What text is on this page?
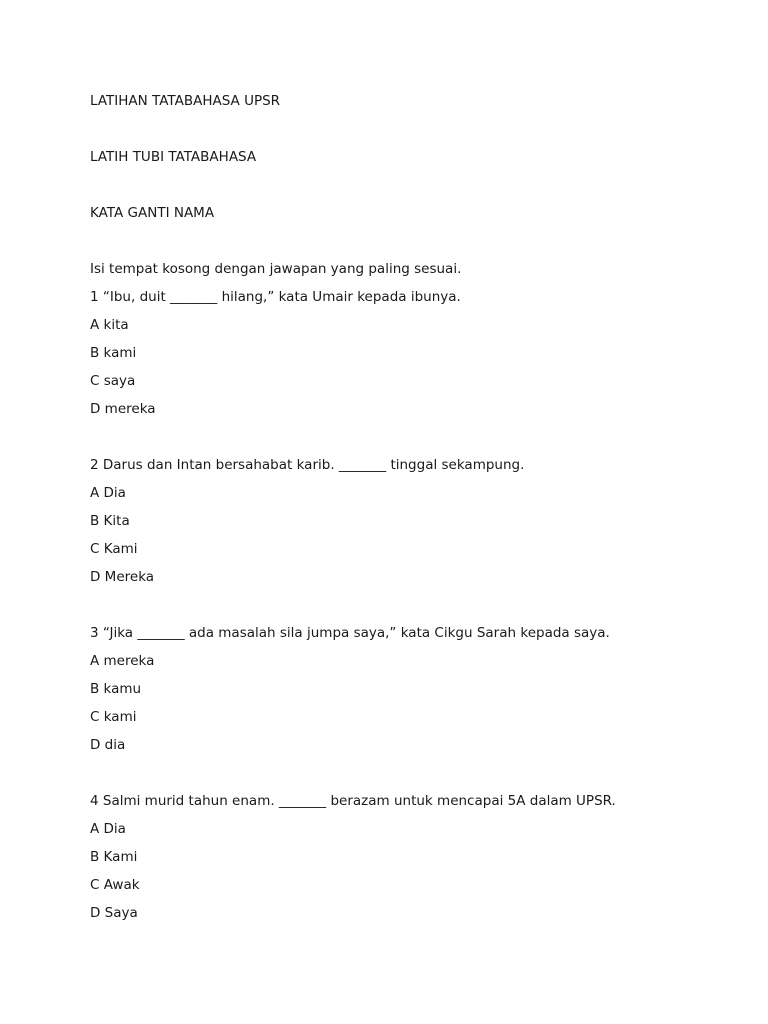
LATIHAN TATABAHASA UPSR
LATIH TUBI TATABAHASA
KATA GANTI NAMA
Isi tempat kosong dengan jawapan yang paling sesuai.
1 “Ibu, duit _______ hilang,” kata Umair kepada ibunya.
A kita
B kami
C saya
D mereka
2 Darus dan Intan bersahabat karib. _______ tinggal sekampung.
A Dia
B Kita
C Kami
D Mereka
3 “Jika _______ ada masalah sila jumpa saya,” kata Cikgu Sarah kepada saya.
A mereka
B kamu
C kami
D dia
4 Salmi murid tahun enam. _______ berazam untuk mencapai 5A dalam UPSR.
A Dia
B Kami
C Awak
D Saya
